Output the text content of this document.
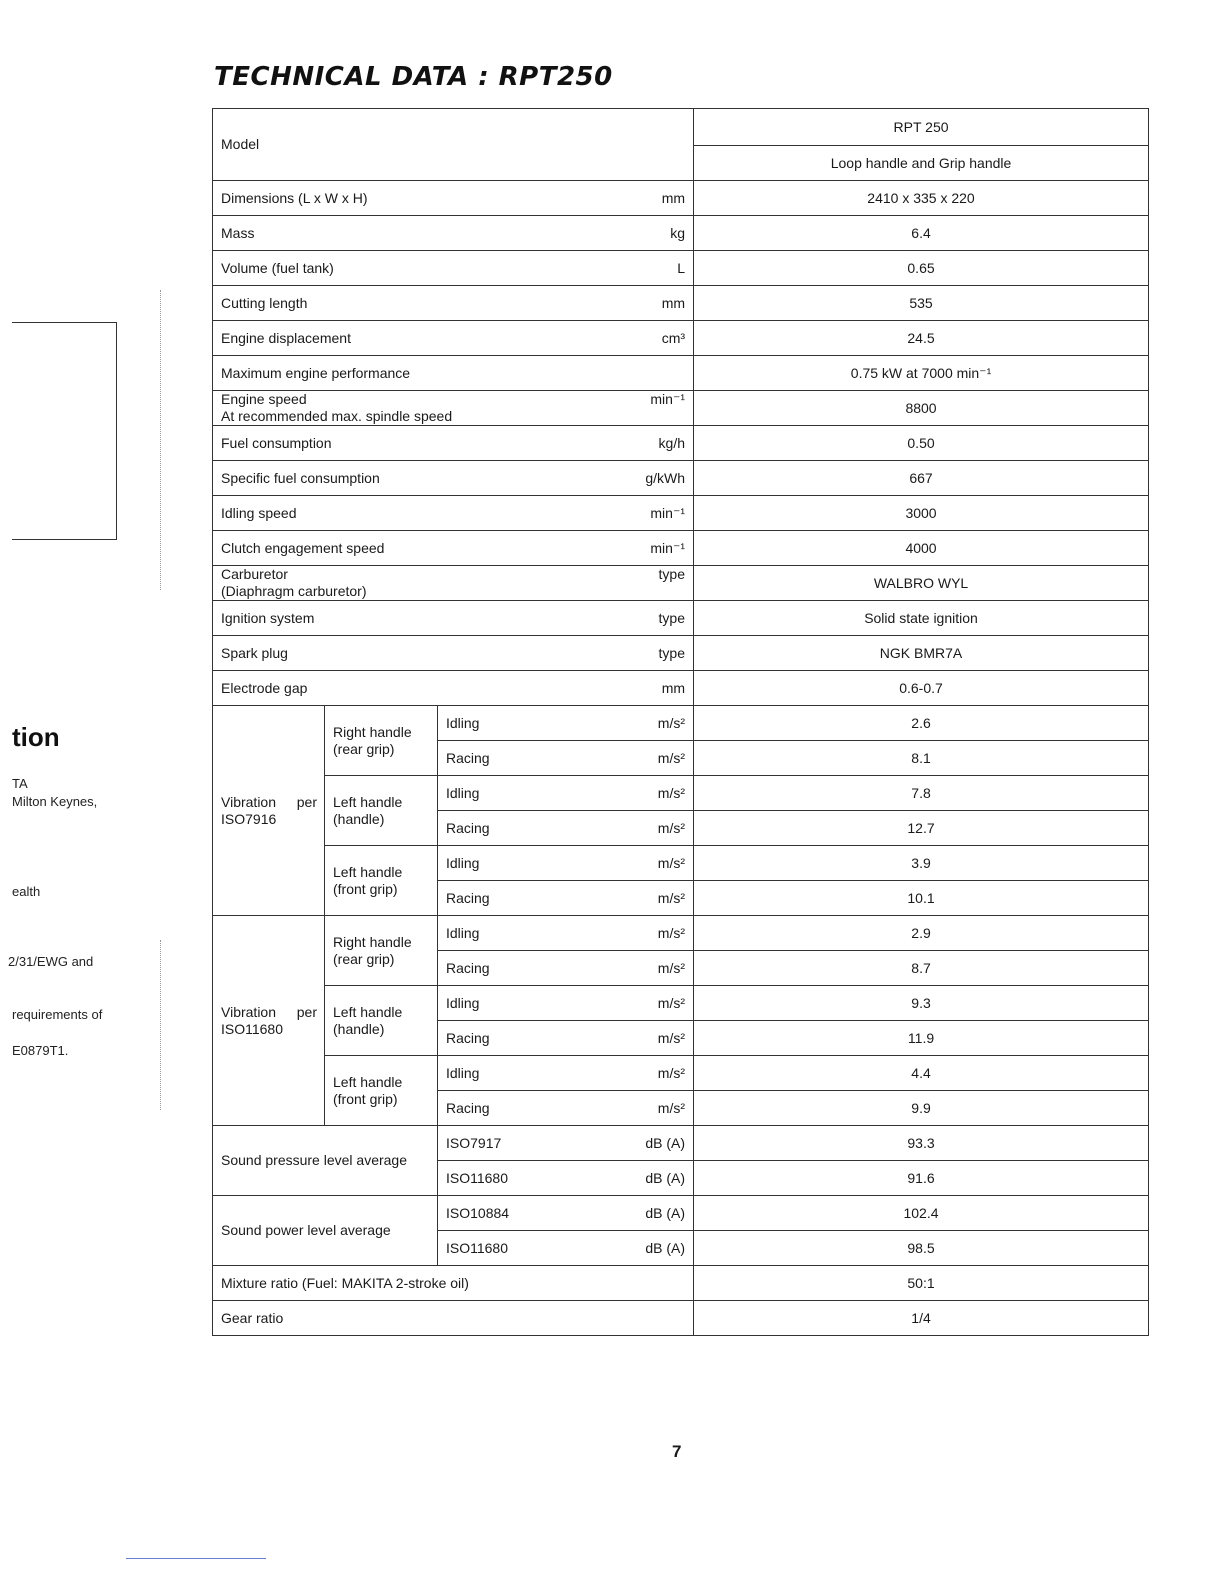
TECHNICAL DATA : RPT250
tion
TA
Milton Keynes,
ealth
2/31/EWG and
requirements of
E0879T1.
Model			RPT 250
			Loop handle and Grip handle

Dimensions (L x W x H) mm			2410 x 335 x 220

Mass kg			6.4

Volume (fuel tank) L			0.65

Cutting length mm			535

Engine displacement cm³			24.5

Maximum engine performance			0.75 kW at 7000 min⁻¹

Engine speed
At recommended max. spindle speed
min⁻¹			8800

Fuel consumption kg/h			0.50

Specific fuel consumption g/kWh			667

Idling speed min⁻¹			3000

Clutch engagement speed min⁻¹			4000

Carburetor
(Diaphragm carburetor)
type			WALBRO WYL

Ignition system type			Solid state ignition

Spark plug type			NGK BMR7A

Electrode gap mm			0.6-0.7

Vibration per
ISO7916	Right handle
(rear grip)	Idling m/s²	2.6

		Racing m/s²	8.1

	Left handle
(handle)	Idling m/s²	7.8

		Racing m/s²	12.7

	Left handle
(front grip)	Idling m/s²	3.9

		Racing m/s²	10.1

Vibration per
ISO11680	Right handle
(rear grip)	Idling m/s²	2.9

		Racing m/s²	8.7

	Left handle
(handle)	Idling m/s²	9.3

		Racing m/s²	11.9

	Left handle
(front grip)	Idling m/s²	4.4

		Racing m/s²	9.9
Sound pressure level average		ISO7917 dB (A)	93.3

		ISO11680 dB (A)	91.6
Sound power level average		ISO10884 dB (A)	102.4

		ISO11680 dB (A)	98.5
Mixture ratio (Fuel: MAKITA 2-stroke oil)			50:1
Gear ratio			1/4
7
